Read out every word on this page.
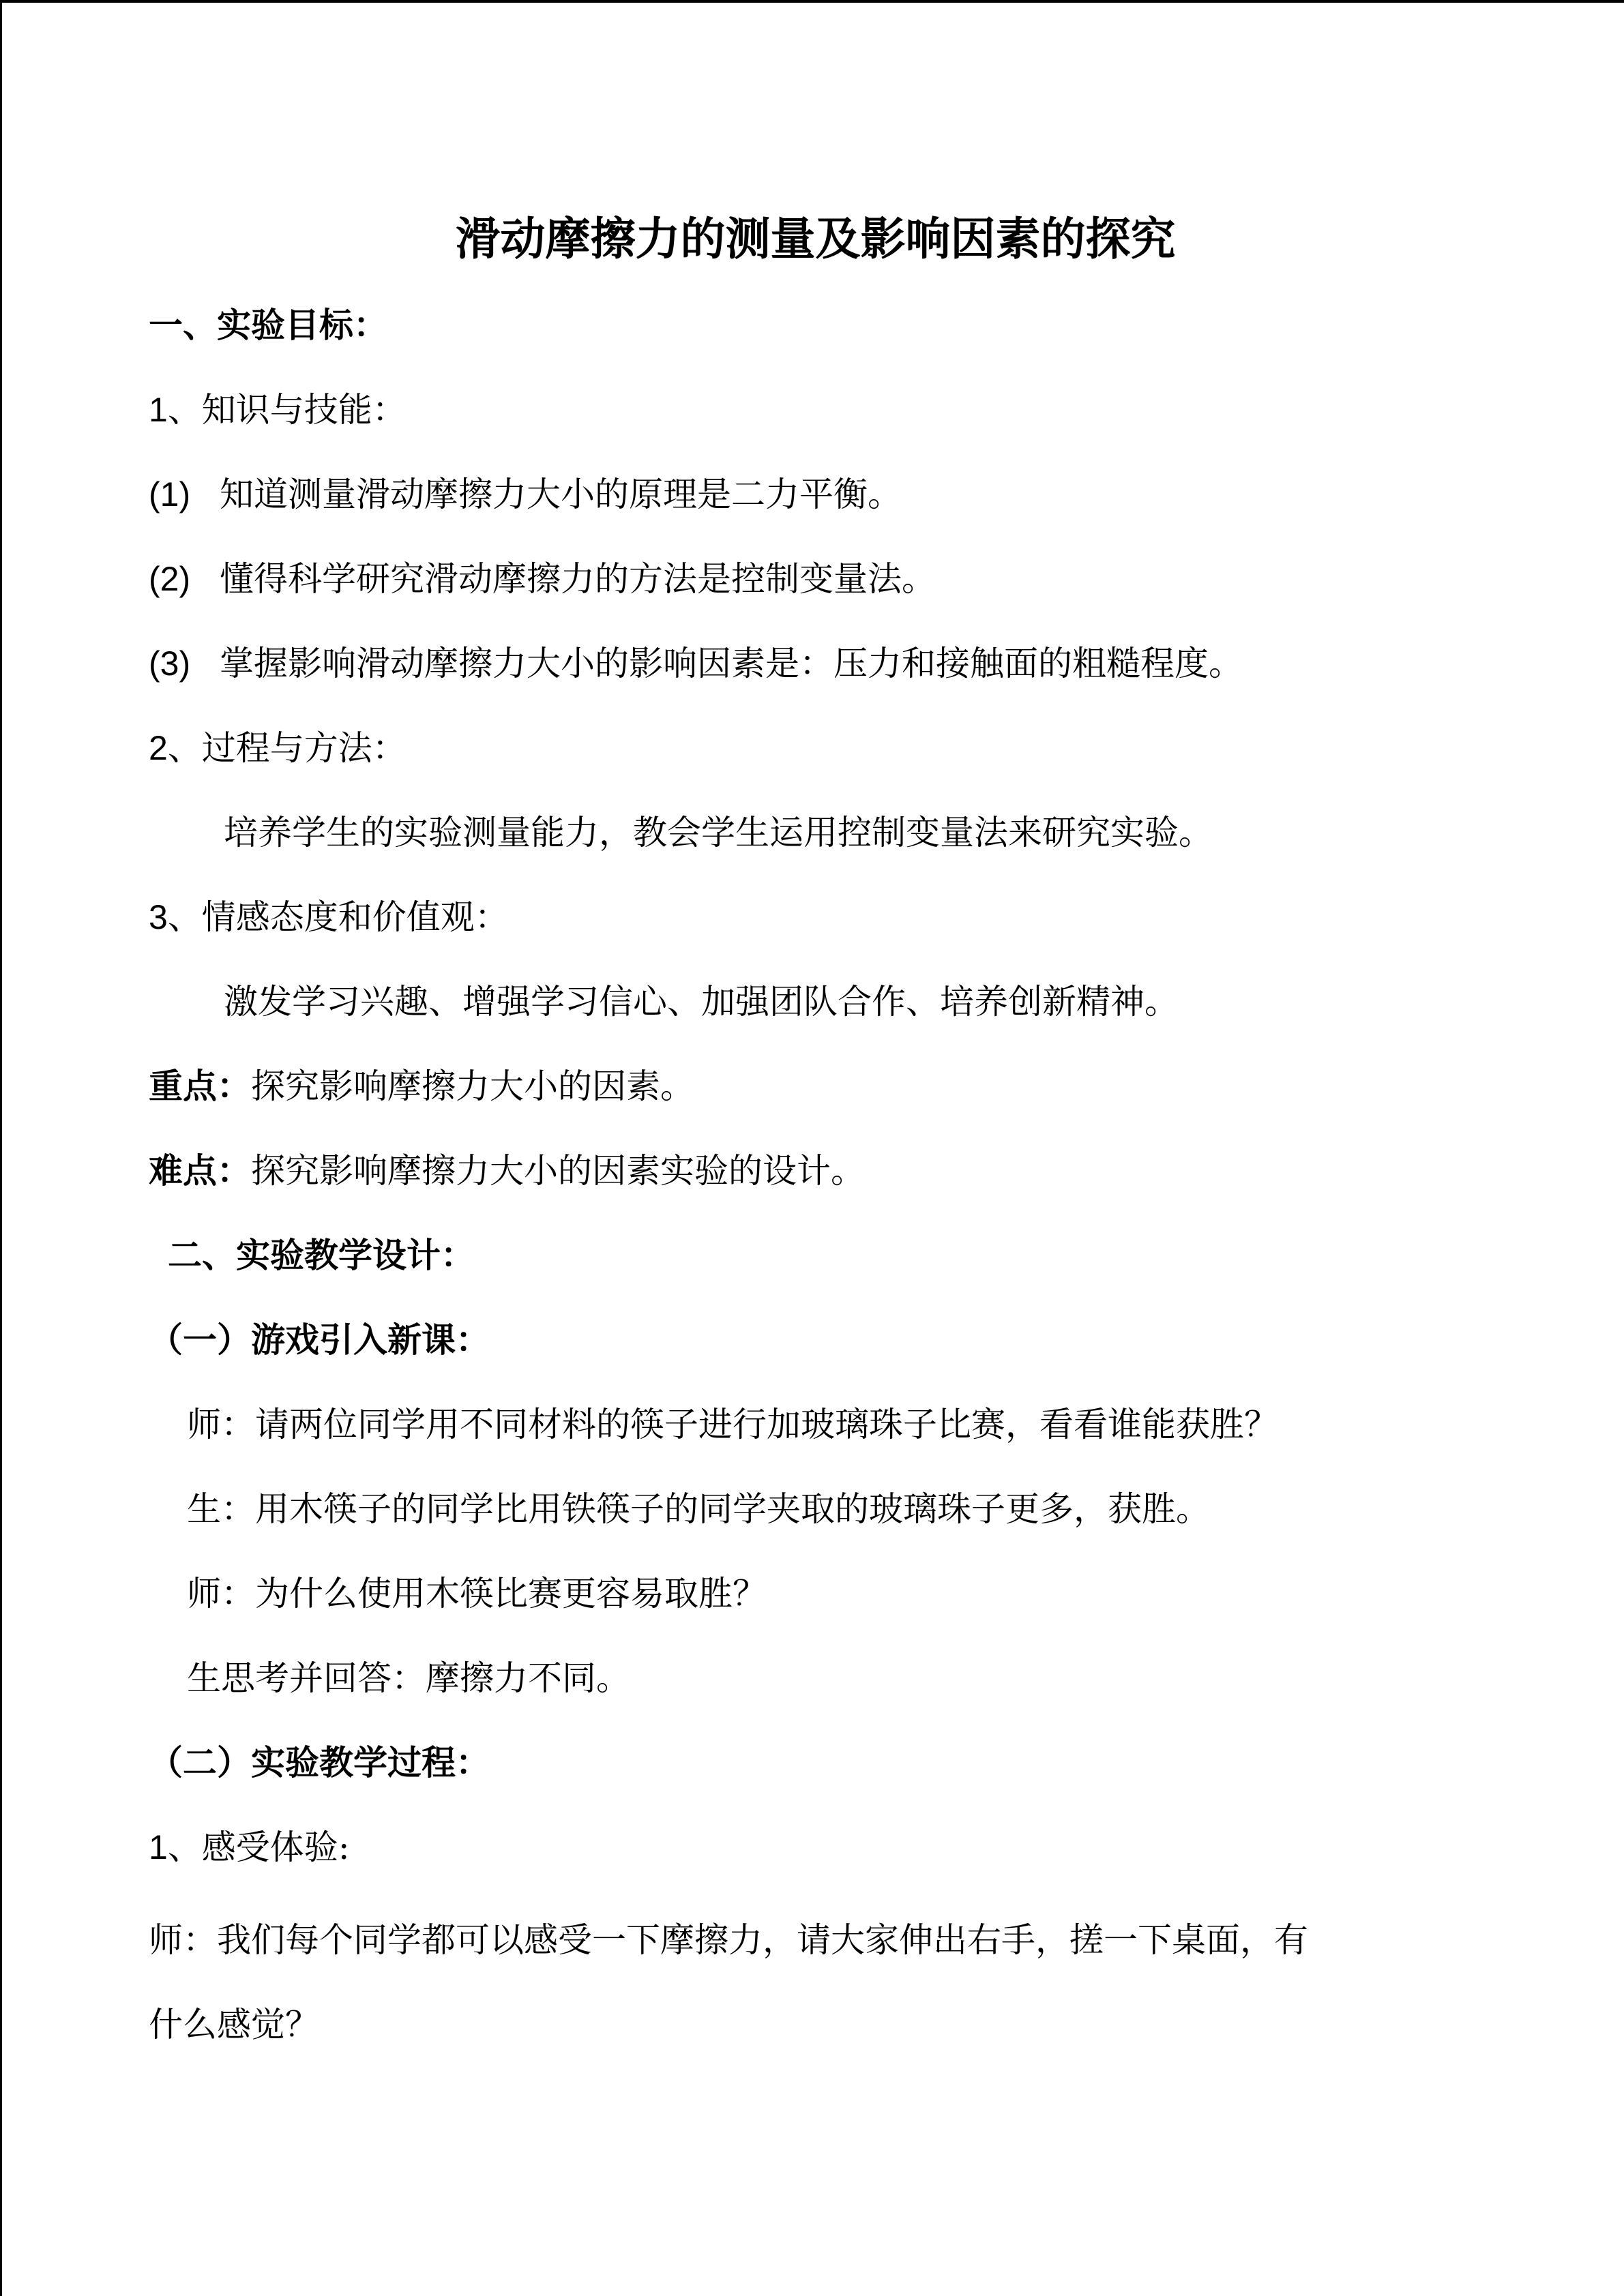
滑动摩擦力的测量及影响因素的探究
一、实验目标：
1、知识与技能：
(1) 知道测量滑动摩擦力大小的原理是二力平衡。
(2) 懂得科学研究滑动摩擦力的方法是控制变量法。
(3) 掌握影响滑动摩擦力大小的影响因素是：压力和接触面的粗糙程度。
2、过程与方法：
培养学生的实验测量能力，教会学生运用控制变量法来研究实验。
3、情感态度和价值观：
激发学习兴趣、增强学习信心、加强团队合作、培养创新精神。
重点：探究影响摩擦力大小的因素。
难点：探究影响摩擦力大小的因素实验的设计。
二、实验教学设计：
（一）游戏引入新课：
师：请两位同学用不同材料的筷子进行加玻璃珠子比赛，看看谁能获胜？
生：用木筷子的同学比用铁筷子的同学夹取的玻璃珠子更多，获胜。
师：为什么使用木筷比赛更容易取胜？
生思考并回答：摩擦力不同。
（二）实验教学过程：
1、感受体验:
师：我们每个同学都可以感受一下摩擦力，请大家伸出右手，搓一下桌面，有
什么感觉？
